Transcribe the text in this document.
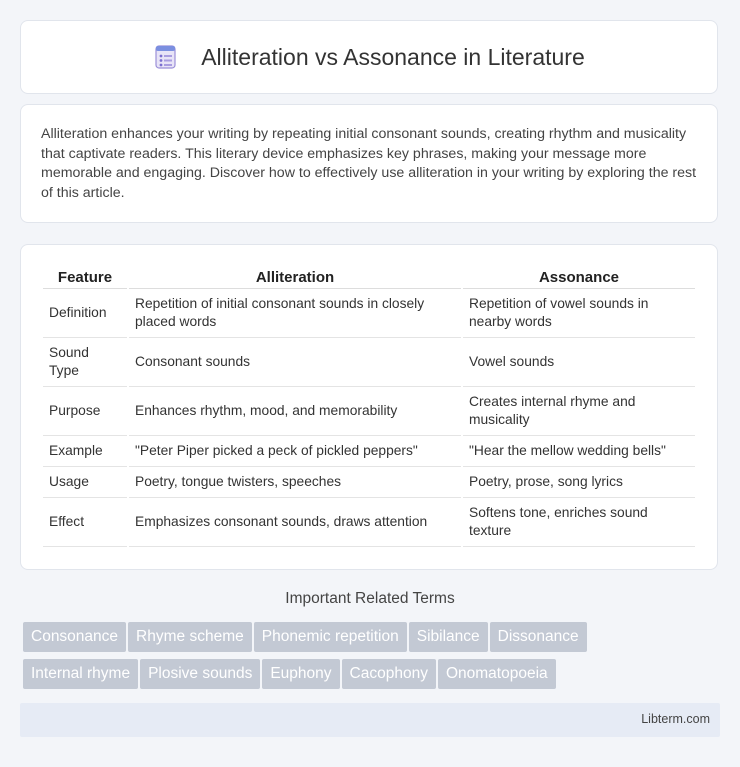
Alliteration vs Assonance in Literature

Alliteration enhances your writing by repeating initial consonant sounds, creating rhythm and musicality that captivate readers. This literary device emphasizes key phrases, making your message more memorable and engaging. Discover how to effectively use alliteration in your writing by exploring the rest of this article.

Feature	Alliteration	Assonance
Definition	Repetition of initial consonant sounds in closely placed words	Repetition of vowel sounds in nearby words
Sound Type	Consonant sounds	Vowel sounds
Purpose	Enhances rhythm, mood, and memorability	Creates internal rhyme and musicality
Example	"Peter Piper picked a peck of pickled peppers"	"Hear the mellow wedding bells"
Usage	Poetry, tongue twisters, speeches	Poetry, prose, song lyrics
Effect	Emphasizes consonant sounds, draws attention	Softens tone, enriches sound texture
Important Related Terms
Consonance Rhyme scheme Phonemic repetition Sibilance Dissonance
Internal rhyme Plosive sounds Euphony Cacophony Onomatopoeia
Libterm.com
